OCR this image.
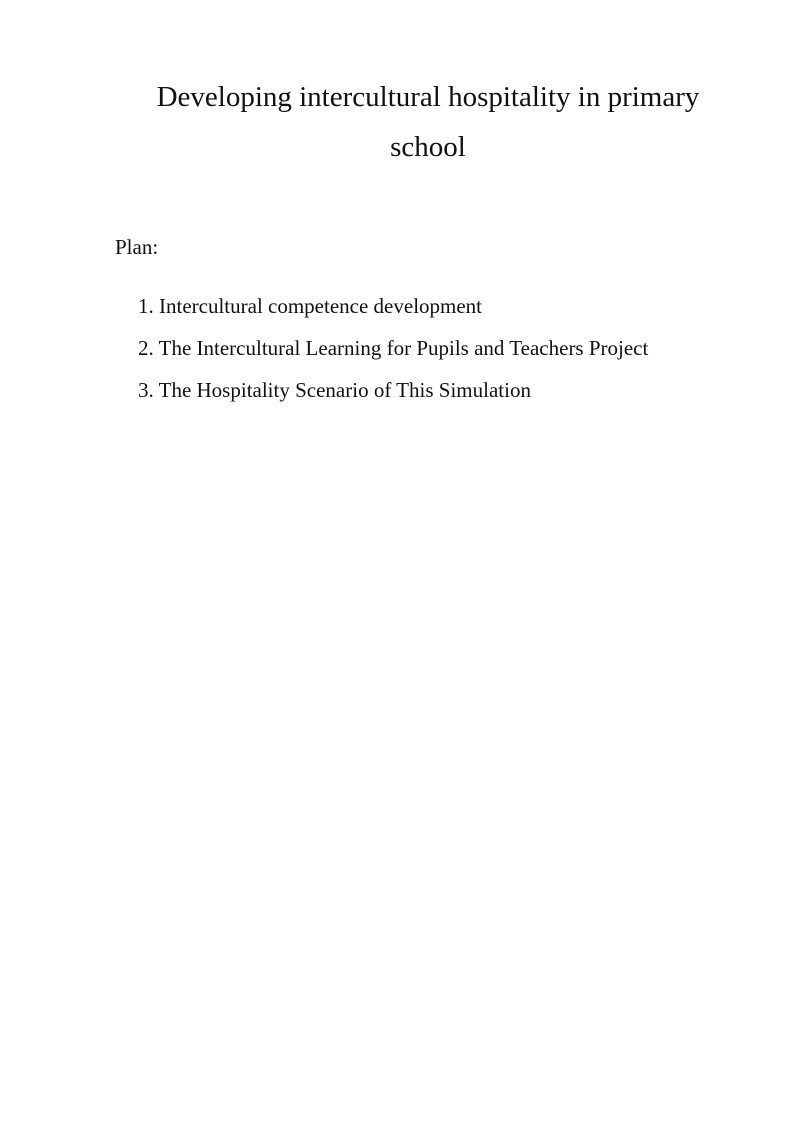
Developing intercultural hospitality in primary school

Plan:

1. Intercultural competence development
2. The Intercultural Learning for Pupils and Teachers Project
3. The Hospitality Scenario of This Simulation
